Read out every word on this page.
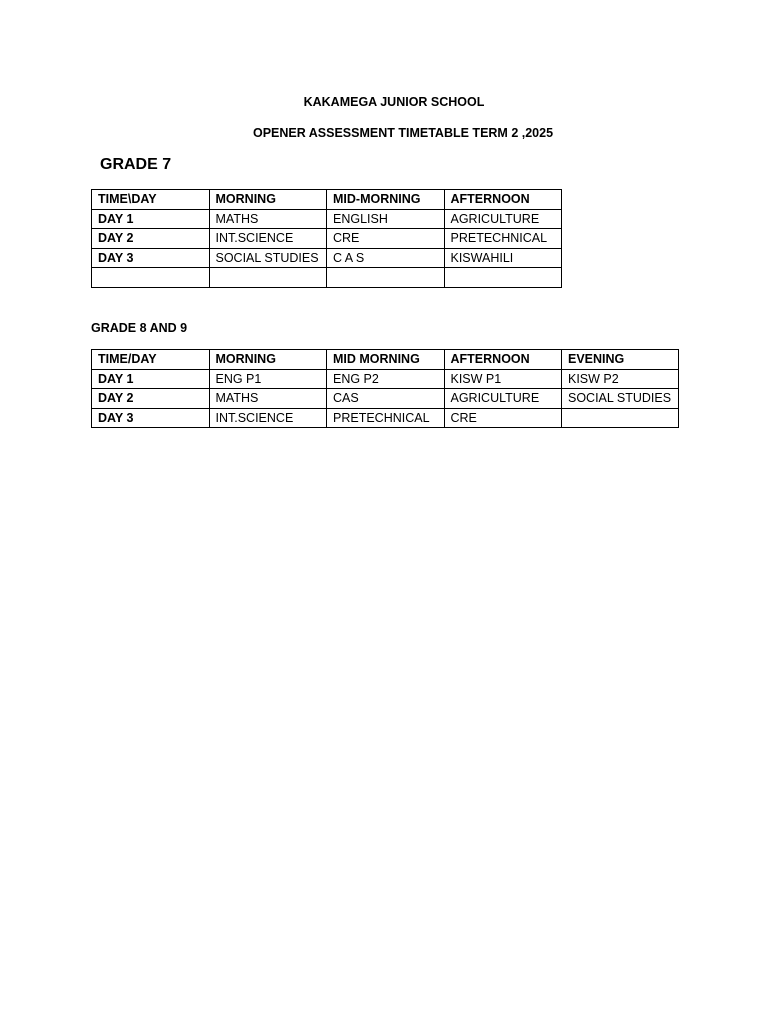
KAKAMEGA JUNIOR SCHOOL
OPENER ASSESSMENT TIMETABLE TERM 2 ,2025
GRADE 7
TIME\DAY	MORNING	MID-MORNING	AFTERNOON
DAY 1	MATHS	ENGLISH	AGRICULTURE
DAY 2	INT.SCIENCE	CRE	PRETECHNICAL
DAY 3	SOCIAL STUDIES	C A S	KISWAHILI

GRADE 8 AND 9
TIME/DAY	MORNING	MID MORNING	AFTERNOON	EVENING
DAY 1	ENG P1	ENG P2	KISW P1	KISW P2
DAY 2	MATHS	CAS	AGRICULTURE	SOCIAL STUDIES
DAY 3	INT.SCIENCE	PRETECHNICAL	CRE	
